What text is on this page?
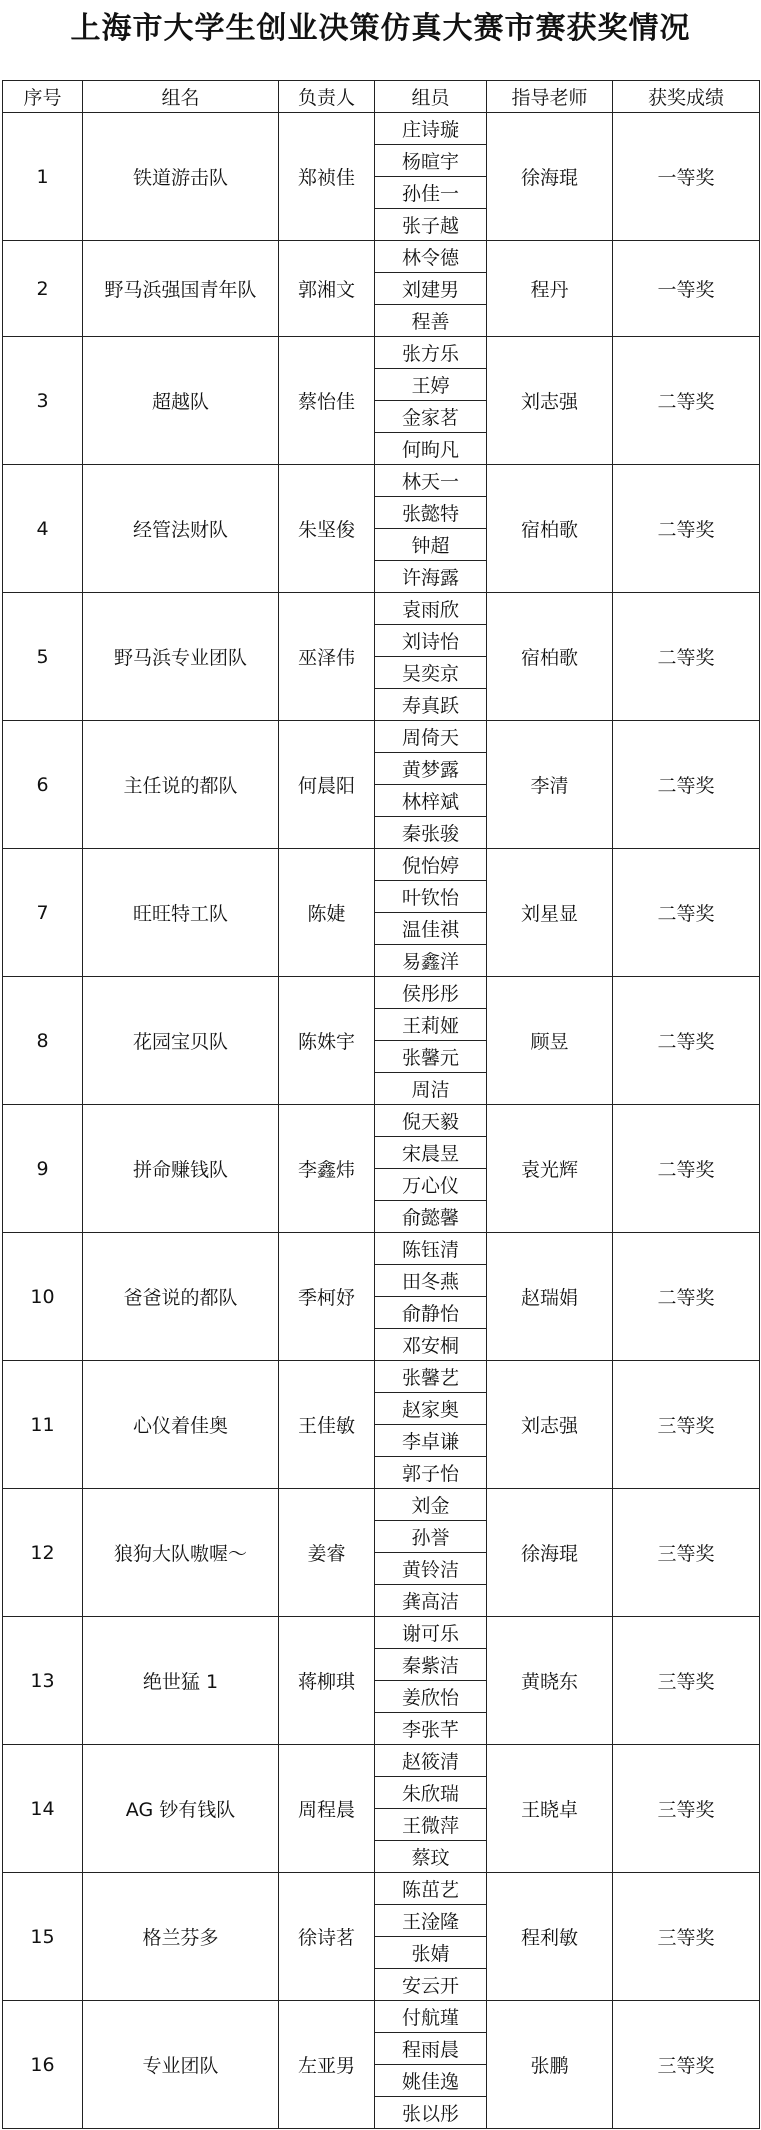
上海市大学生创业决策仿真大赛市赛获奖情况
序号	组名	负责人	组员	指导老师	获奖成绩
1	铁道游击队	郑祯佳	庄诗璇	徐海琨	一等奖
			杨暄宇		
			孙佳一		
			张子越		
2	野马浜强国青年队	郭湘文	林令德	程丹	一等奖
			刘建男		
			程善		
3	超越队	蔡怡佳	张方乐	刘志强	二等奖
			王婷		
			金家茗		
			何昫凡		
4	经管法财队	朱坚俊	林天一	宿柏歌	二等奖
			张懿特		
			钟超		
			许海露		
5	野马浜专业团队	巫泽伟	袁雨欣	宿柏歌	二等奖
			刘诗怡		
			吴奕京		
			寿真跃		
6	主任说的都队	何晨阳	周倚天	李清	二等奖
			黄梦露		
			林梓斌		
			秦张骏		
7	旺旺特工队	陈婕	倪怡婷	刘星显	二等奖
			叶钦怡		
			温佳祺		
			易鑫洋		
8	花园宝贝队	陈姝宇	侯彤彤	顾昱	二等奖
			王莉娅		
			张馨元		
			周洁		
9	拼命赚钱队	李鑫炜	倪天毅	袁光辉	二等奖
			宋晨昱		
			万心仪		
			俞懿馨		
10	爸爸说的都队	季柯妤	陈钰清	赵瑞娟	二等奖
			田冬燕		
			俞静怡		
			邓安桐		
11	心仪着佳奥	王佳敏	张馨艺	刘志强	三等奖
			赵家奥		
			李卓谦		
			郭子怡		
12	狼狗大队嗷喔～	姜睿	刘金	徐海琨	三等奖
			孙誉		
			黄铃洁		
			龚高洁		
13	绝世猛 1	蒋柳琪	谢可乐	黄晓东	三等奖
			秦紫洁		
			姜欣怡		
			李张芊		
14	AG 钞有钱队	周程晨	赵筱清	王晓卓	三等奖
			朱欣瑞		
			王微萍		
			蔡玟		
15	格兰芬多	徐诗茗	陈茁艺	程利敏	三等奖
			王淦隆		
			张婧		
			安云开		
16	专业团队	左亚男	付航瑾	张鹏	三等奖
			程雨晨		
			姚佳逸		
			张以彤		
